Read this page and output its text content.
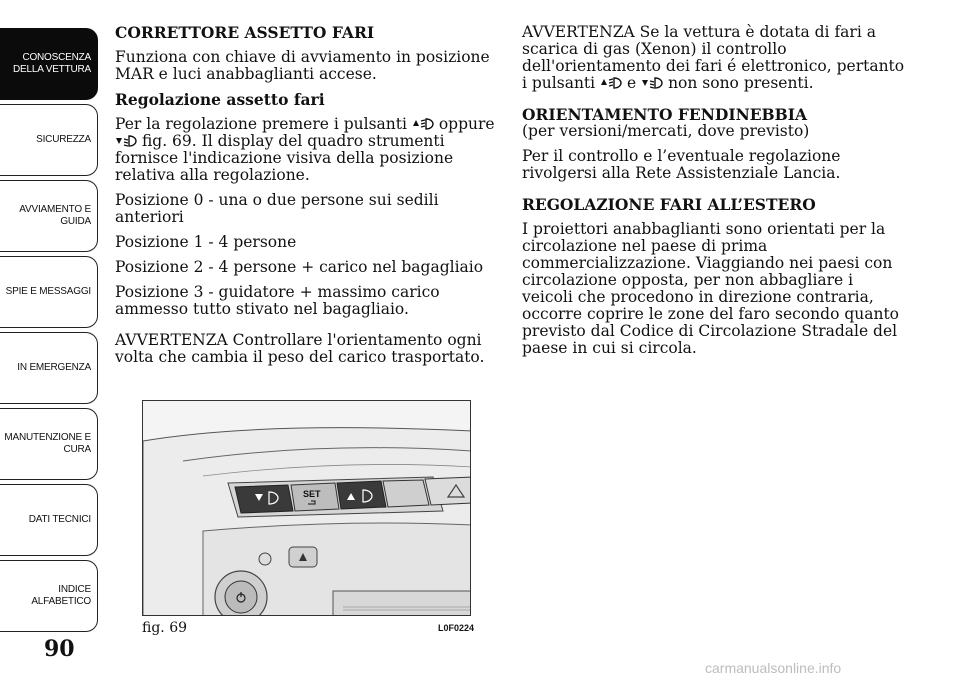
CONOSCENZA
DELLA VETTURA
SICUREZZA
AVVIAMENTO E
GUIDA
SPIE E MESSAGGI
IN EMERGENZA
MANUTENZIONE E
CURA
DATI TECNICI
INDICE
ALFABETICO
90

CORRETTORE ASSETTO FARI

Funziona con chiave di avviamento in posizione MAR e luci anabbaglianti accese.

Regolazione assetto fari

Per la regolazione premere i pulsanti oppure  fig. 69. Il display del quadro strumenti fornisce l'indicazione visiva della posizione relativa alla regolazione.

Posizione 0 - una o due persone sui sedili anteriori

Posizione 1 - 4 persone

Posizione 2 - 4 persone + carico nel bagagliaio

Posizione 3 - guidatore + massimo carico ammesso tutto stivato nel bagagliaio.

AVVERTENZA Controllare l'orientamento ogni volta che cambia il peso del carico trasportato.

AVVERTENZA Se la vettura è dotata di fari a scarica di gas (Xenon) il controllo dell'orientamento dei fari é elettronico, pertanto i pulsanti e non sono presenti.

ORIENTAMENTO FENDINEBBIA

(per versioni/mercati, dove previsto)

Per il controllo e l’eventuale regolazione rivolgersi alla Rete Assistenziale Lancia.

REGOLAZIONE FARI ALL’ESTERO

I proiettori anabbaglianti sono orientati per la circolazione nel paese di prima commercializzazione. Viaggiando nei paesi con circolazione opposta, per non abbagliare i veicoli che procedono in direzione contraria, occorre coprire le zone del faro secondo quanto previsto dal Codice di Circolazione Stradale del paese in cui si circola.

SET
fig. 69	L0F0224
carmanualsonline.info
